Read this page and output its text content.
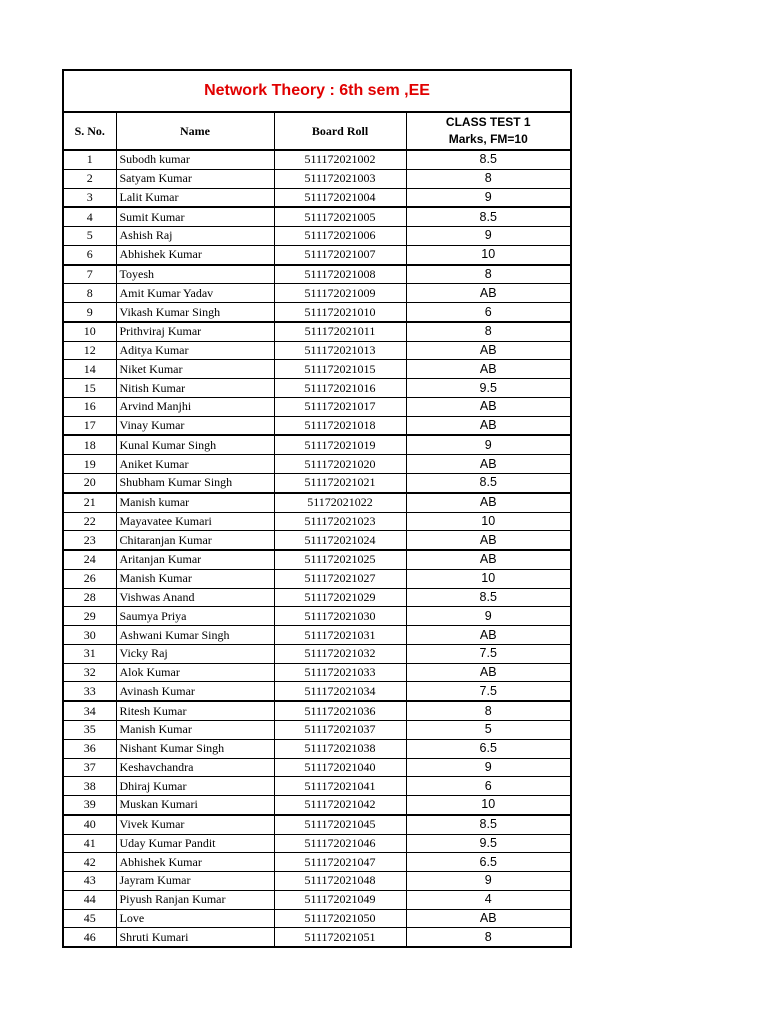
Network Theory : 6th sem ,EE
S. No.	Name	Board Roll	CLASS TEST 1
Marks, FM=10

1	Subodh kumar	511172021002	8.5
2	Satyam Kumar	511172021003	8
3	Lalit Kumar	511172021004	9
4	Sumit Kumar	511172021005	8.5
5	Ashish Raj	511172021006	9
6	Abhishek Kumar	511172021007	10
7	Toyesh	511172021008	8
8	Amit Kumar Yadav	511172021009	AB
9	Vikash Kumar Singh	511172021010	6
10	Prithviraj Kumar	511172021011	8
12	Aditya Kumar	511172021013	AB
14	Niket Kumar	511172021015	AB
15	Nitish Kumar	511172021016	9.5
16	Arvind Manjhi	511172021017	AB
17	Vinay Kumar	511172021018	AB
18	Kunal Kumar Singh	511172021019	9
19	Aniket Kumar	511172021020	AB
20	Shubham Kumar Singh	511172021021	8.5
21	Manish kumar	51172021022	AB
22	Mayavatee Kumari	511172021023	10
23	Chitaranjan Kumar	511172021024	AB
24	Aritanjan Kumar	511172021025	AB
26	Manish Kumar	511172021027	10
28	Vishwas Anand	511172021029	8.5
29	Saumya Priya	511172021030	9
30	Ashwani Kumar Singh	511172021031	AB
31	Vicky Raj	511172021032	7.5
32	Alok Kumar	511172021033	AB
33	Avinash Kumar	511172021034	7.5
34	Ritesh Kumar	511172021036	8
35	Manish Kumar	511172021037	5
36	Nishant Kumar Singh	511172021038	6.5
37	Keshavchandra	511172021040	9
38	Dhiraj Kumar	511172021041	6
39	Muskan Kumari	511172021042	10
40	Vivek Kumar	511172021045	8.5
41	Uday Kumar Pandit	511172021046	9.5
42	Abhishek Kumar	511172021047	6.5
43	Jayram Kumar	511172021048	9
44	Piyush Ranjan Kumar	511172021049	4
45	Love	511172021050	AB
46	Shruti Kumari	511172021051	8
